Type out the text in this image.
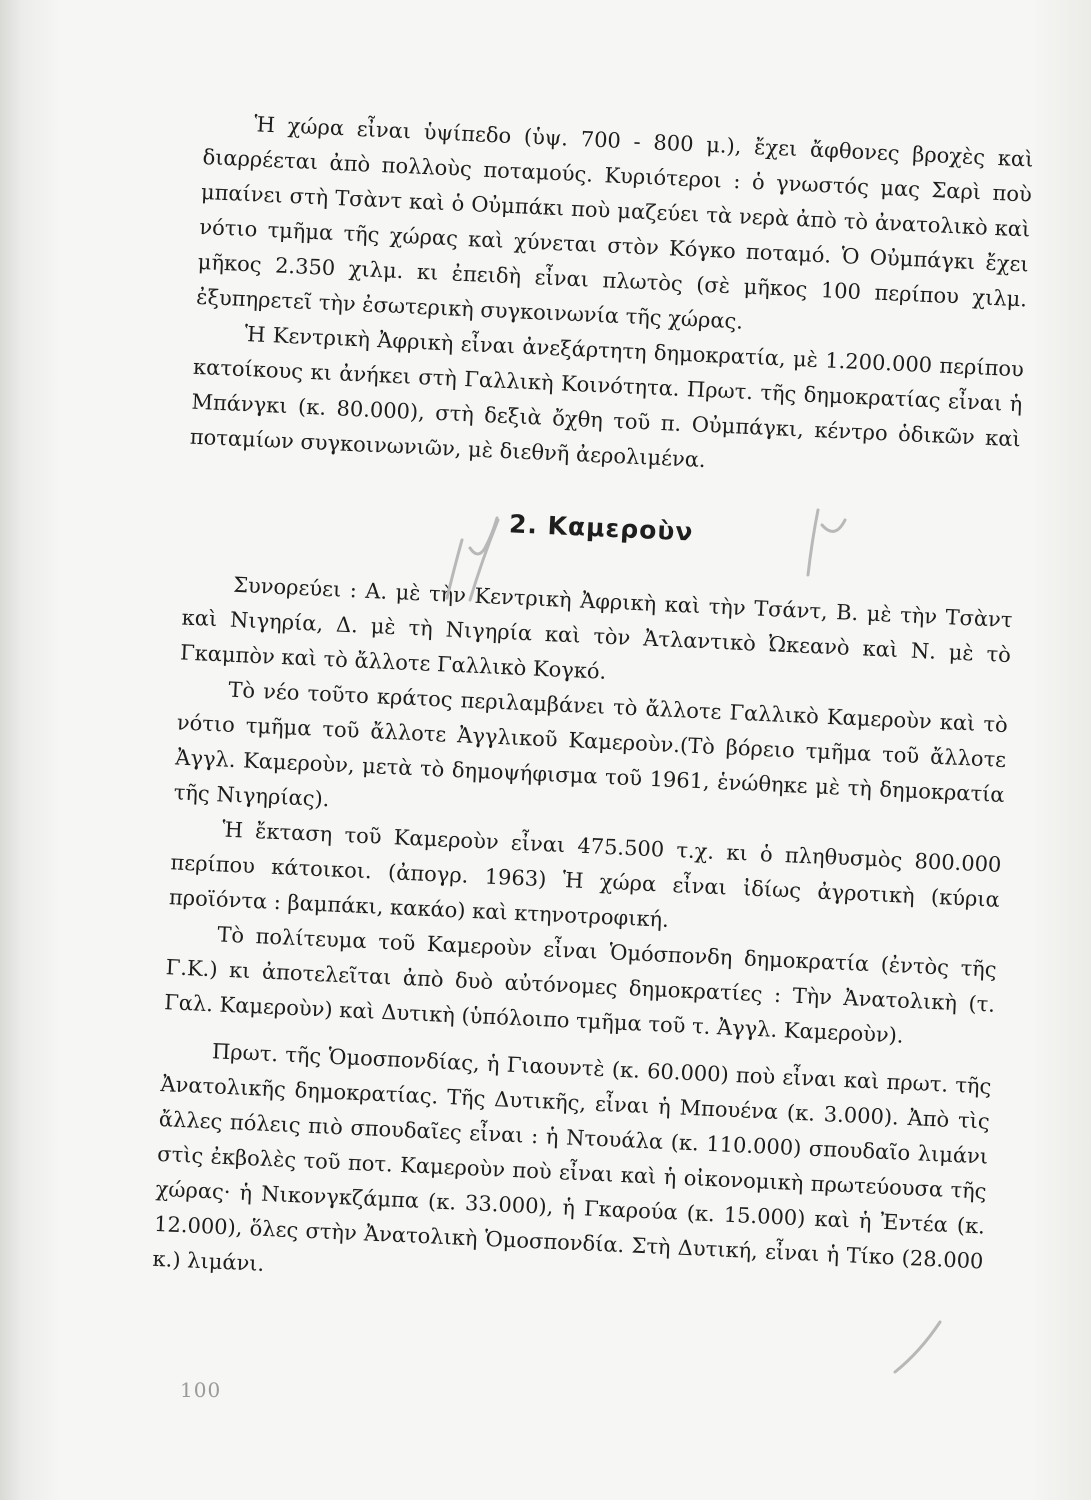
Ἡ χώρα εἶναι ὑψίπεδο (ὑψ. 700 - 800 μ.), ἔχει ἄφθονες βροχὲς καὶ διαρρέεται ἀπὸ πολλοὺς ποταμούς. Κυριότεροι : ὁ γνωστός μας Σαρὶ ποὺ μπαίνει στὴ Τσὰντ καὶ ὁ Οὐμπάκι ποὺ μαζεύει τὰ νερὰ ἀπὸ τὸ ἀνατολικὸ καὶ νότιο τμῆμα τῆς χώρας καὶ χύνεται στὸν Κόγκο ποταμό. Ὁ Οὐμπάγκι ἔχει μῆκος 2.350 χιλμ. κι ἐπειδὴ εἶναι πλωτὸς (σὲ μῆκος 100 περίπου χιλμ. ἐξυπηρετεῖ τὴν ἐσωτερικὴ συγκοινωνία τῆς χώρας.

Ἡ Κεντρικὴ Ἀφρικὴ εἶναι ἀνεξάρτητη δημοκρατία, μὲ 1.200.000 περίπου κατοίκους κι ἀνήκει στὴ Γαλλικὴ Κοινότητα. Πρωτ. τῆς δημοκρατίας εἶναι ἡ Μπάνγκι (κ. 80.000), στὴ δεξιὰ ὄχθη τοῦ π. Οὐμπάγκι, κέντρο ὁδικῶν καὶ ποταμίων συγκοινωνιῶν, μὲ διεθνῆ ἀερολιμένα.

2. Καμεροὺν

Συνορεύει : Α. μὲ τὴν Κεντρικὴ Ἀφρικὴ καὶ τὴν Τσάντ, Β. μὲ τὴν Τσὰντ καὶ Νιγηρία, Δ. μὲ τὴ Νιγηρία καὶ τὸν Ἀτλαντικὸ Ὠκεανὸ καὶ Ν. μὲ τὸ Γκαμπὸν καὶ τὸ ἄλλοτε Γαλλικὸ Κογκό.

Τὸ νέο τοῦτο κράτος περιλαμβάνει τὸ ἄλλοτε Γαλλικὸ Καμεροὺν καὶ τὸ νότιο τμῆμα τοῦ ἄλλοτε Ἀγγλικοῦ Καμεροὺν.(Τὸ βόρειο τμῆμα τοῦ ἄλλοτε Ἀγγλ. Καμεροὺν, μετὰ τὸ δημοψήφισμα τοῦ 1961, ἑνώθηκε μὲ τὴ δημοκρατία τῆς Νιγηρίας).

Ἡ ἔκταση τοῦ Καμεροὺν εἶναι 475.500 τ.χ. κι ὁ πληθυσμὸς 800.000 περίπου κάτοικοι. (ἀπογρ. 1963) Ἡ χώρα εἶναι ἰδίως ἀγροτικὴ (κύρια προϊόντα : βαμπάκι, κακάο) καὶ κτηνοτροφική.

Τὸ πολίτευμα τοῦ Καμεροὺν εἶναι Ὁμόσπονδη δημοκρατία (ἐντὸς τῆς Γ.Κ.) κι ἀποτελεῖται ἀπὸ δυὸ αὐτόνομες δημοκρατίες : Τὴν Ἀνατολικὴ (τ. Γαλ. Καμεροὺν) καὶ Δυτικὴ (ὑπόλοιπο τμῆμα τοῦ τ. Ἀγγλ. Καμεροὺν).

Πρωτ. τῆς Ὁμοσπονδίας, ἡ Γιαουντὲ (κ. 60.000) ποὺ εἶναι καὶ πρωτ. τῆς Ἀνατολικῆς δημοκρατίας. Τῆς Δυτικῆς, εἶναι ἡ Μπουένα (κ. 3.000). Ἀπὸ τὶς ἄλλες πόλεις πιὸ σπουδαῖες εἶναι : ἡ Ντουάλα (κ. 110.000) σπουδαῖο λιμάνι στὶς ἐκβολὲς τοῦ ποτ. Καμεροὺν ποὺ εἶναι καὶ ἡ οἰκονομικὴ πρωτεύουσα τῆς χώρας· ἡ Νικονγκζάμπα (κ. 33.000), ἡ Γκαρούα (κ. 15.000) καὶ ἡ Ἐντέα (κ. 12.000), ὅλες στὴν Ἀνατολικὴ Ὁμοσπονδία. Στὴ Δυτική, εἶναι ἡ Τίκο (28.000 κ.) λιμάνι.

100
